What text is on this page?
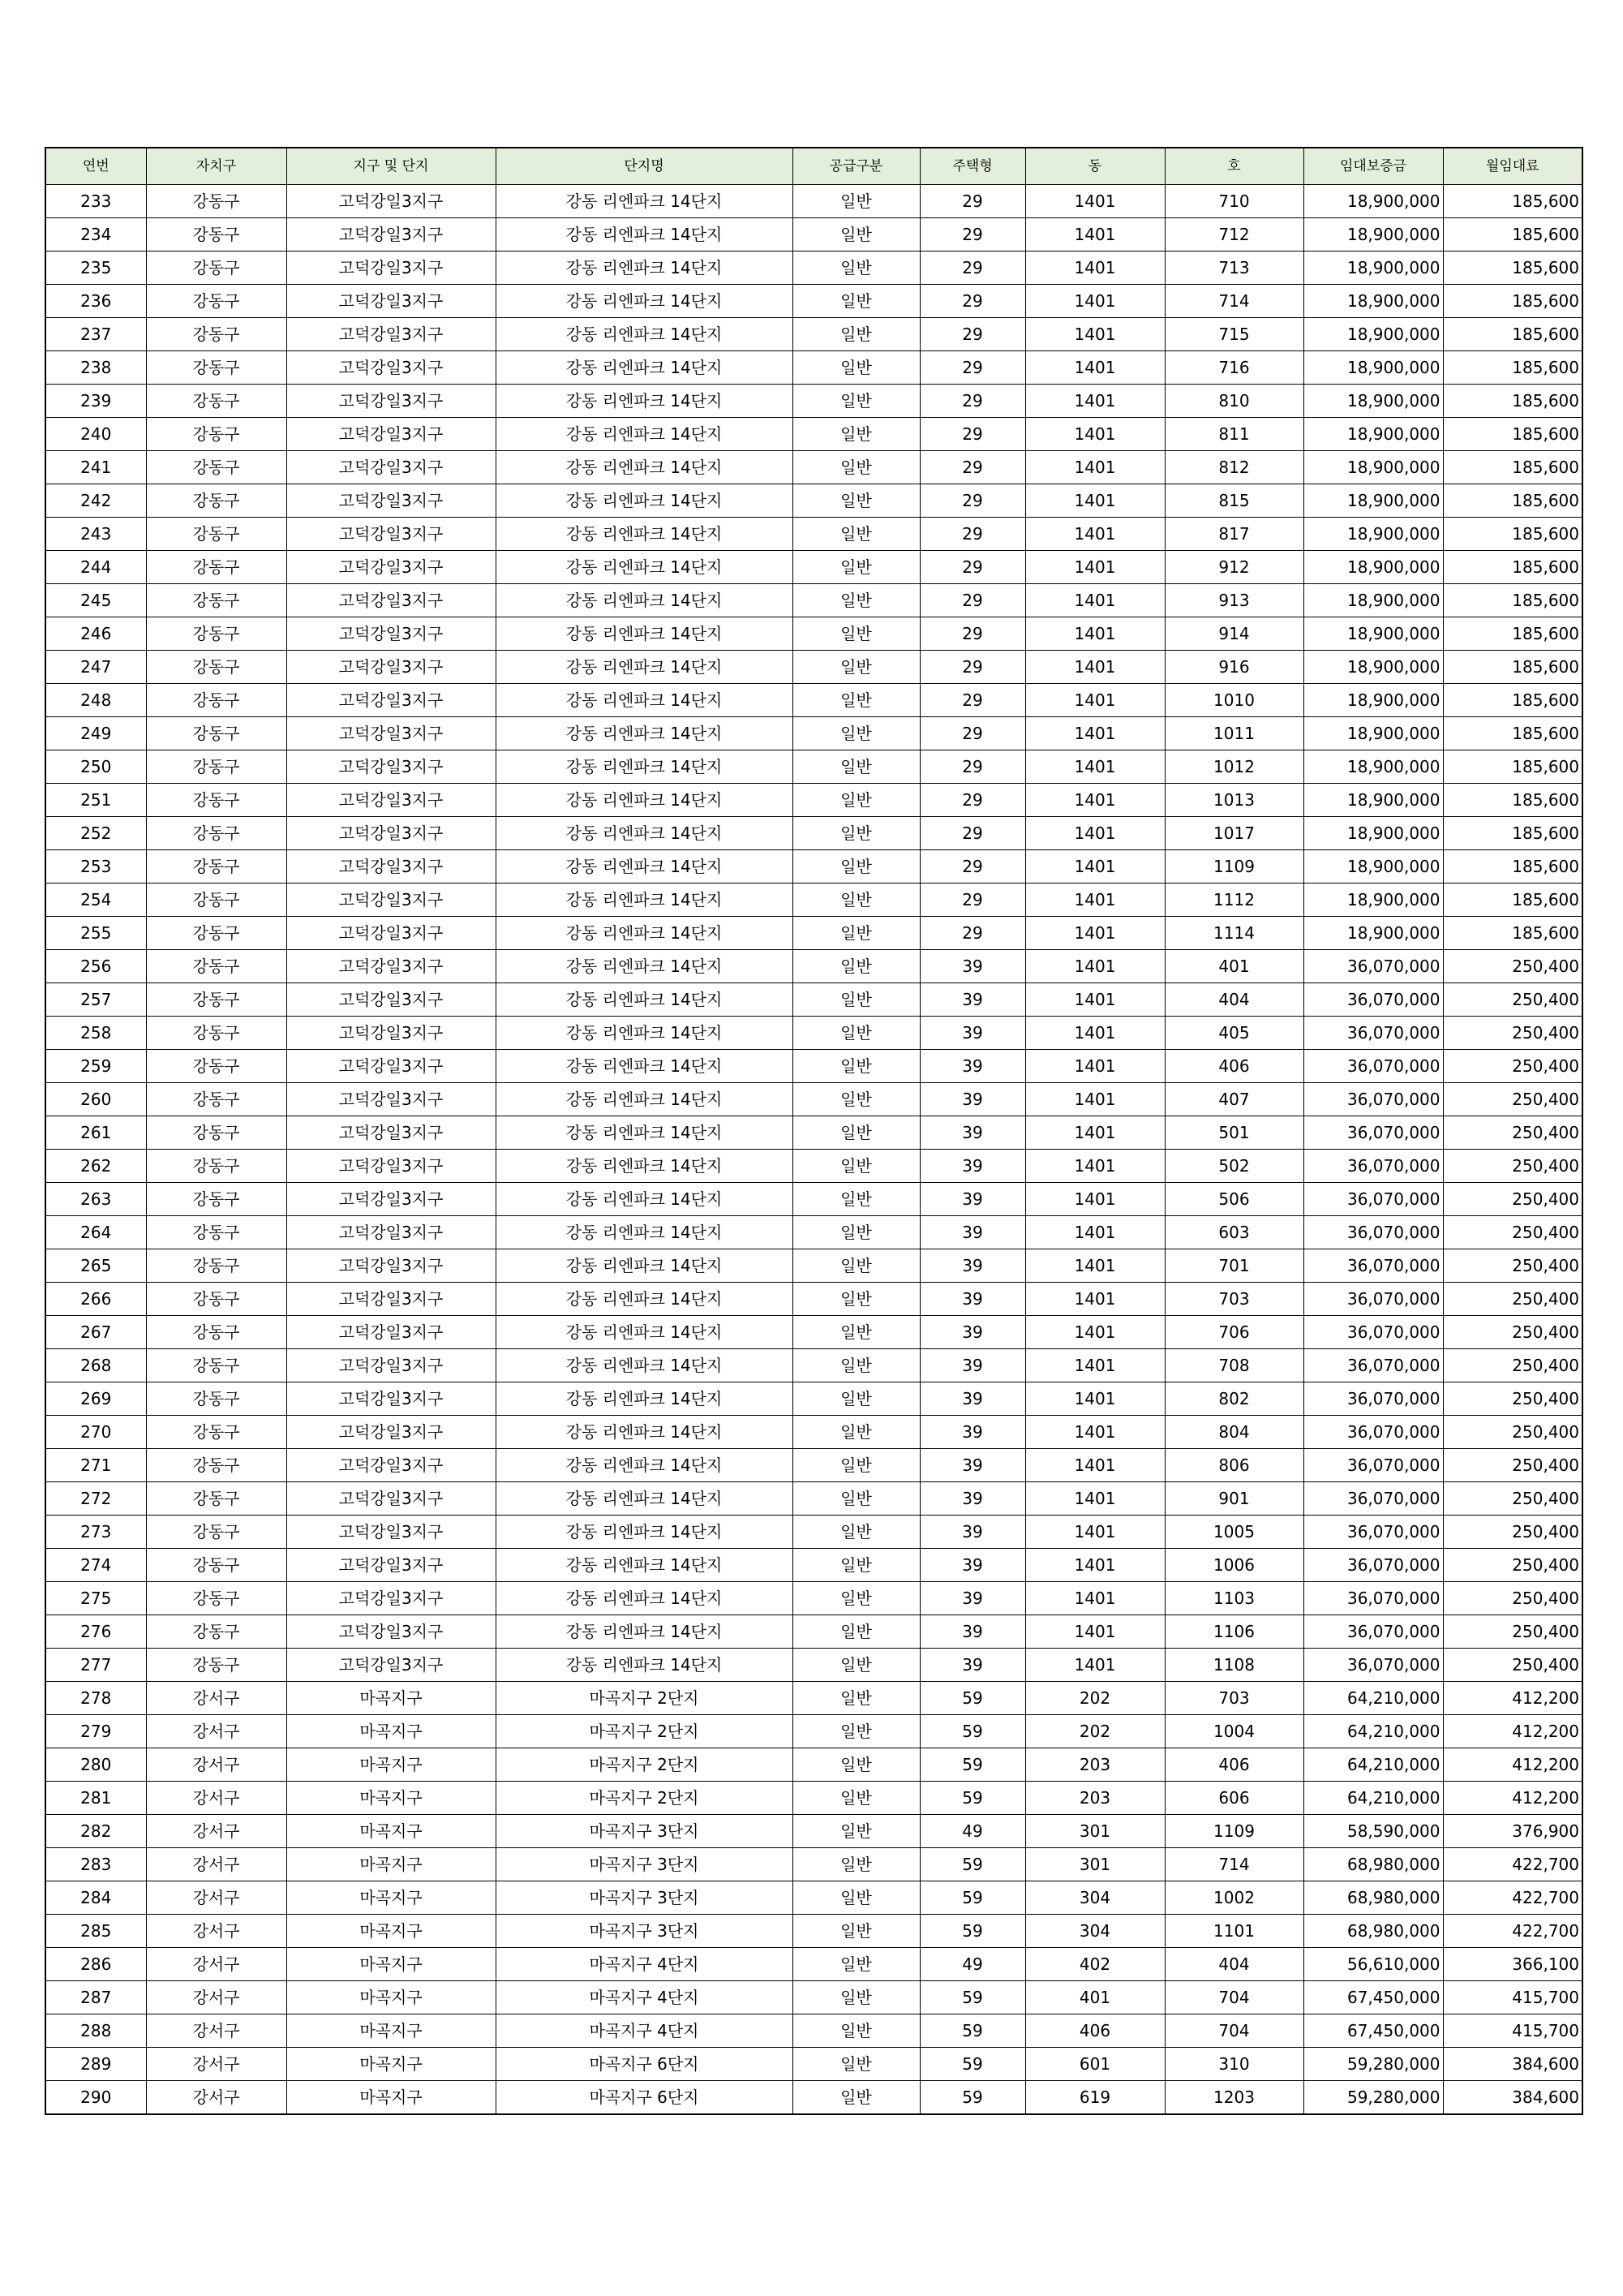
연번	자치구	지구 및 단지	단지명	공급구분	주택형	동	호	임대보증금	월임대료
233	강동구	고덕강일3지구	강동 리엔파크 14단지	일반	29	1401	710	18,900,000	185,600
234	강동구	고덕강일3지구	강동 리엔파크 14단지	일반	29	1401	712	18,900,000	185,600
235	강동구	고덕강일3지구	강동 리엔파크 14단지	일반	29	1401	713	18,900,000	185,600
236	강동구	고덕강일3지구	강동 리엔파크 14단지	일반	29	1401	714	18,900,000	185,600
237	강동구	고덕강일3지구	강동 리엔파크 14단지	일반	29	1401	715	18,900,000	185,600
238	강동구	고덕강일3지구	강동 리엔파크 14단지	일반	29	1401	716	18,900,000	185,600
239	강동구	고덕강일3지구	강동 리엔파크 14단지	일반	29	1401	810	18,900,000	185,600
240	강동구	고덕강일3지구	강동 리엔파크 14단지	일반	29	1401	811	18,900,000	185,600
241	강동구	고덕강일3지구	강동 리엔파크 14단지	일반	29	1401	812	18,900,000	185,600
242	강동구	고덕강일3지구	강동 리엔파크 14단지	일반	29	1401	815	18,900,000	185,600
243	강동구	고덕강일3지구	강동 리엔파크 14단지	일반	29	1401	817	18,900,000	185,600
244	강동구	고덕강일3지구	강동 리엔파크 14단지	일반	29	1401	912	18,900,000	185,600
245	강동구	고덕강일3지구	강동 리엔파크 14단지	일반	29	1401	913	18,900,000	185,600
246	강동구	고덕강일3지구	강동 리엔파크 14단지	일반	29	1401	914	18,900,000	185,600
247	강동구	고덕강일3지구	강동 리엔파크 14단지	일반	29	1401	916	18,900,000	185,600
248	강동구	고덕강일3지구	강동 리엔파크 14단지	일반	29	1401	1010	18,900,000	185,600
249	강동구	고덕강일3지구	강동 리엔파크 14단지	일반	29	1401	1011	18,900,000	185,600
250	강동구	고덕강일3지구	강동 리엔파크 14단지	일반	29	1401	1012	18,900,000	185,600
251	강동구	고덕강일3지구	강동 리엔파크 14단지	일반	29	1401	1013	18,900,000	185,600
252	강동구	고덕강일3지구	강동 리엔파크 14단지	일반	29	1401	1017	18,900,000	185,600
253	강동구	고덕강일3지구	강동 리엔파크 14단지	일반	29	1401	1109	18,900,000	185,600
254	강동구	고덕강일3지구	강동 리엔파크 14단지	일반	29	1401	1112	18,900,000	185,600
255	강동구	고덕강일3지구	강동 리엔파크 14단지	일반	29	1401	1114	18,900,000	185,600
256	강동구	고덕강일3지구	강동 리엔파크 14단지	일반	39	1401	401	36,070,000	250,400
257	강동구	고덕강일3지구	강동 리엔파크 14단지	일반	39	1401	404	36,070,000	250,400
258	강동구	고덕강일3지구	강동 리엔파크 14단지	일반	39	1401	405	36,070,000	250,400
259	강동구	고덕강일3지구	강동 리엔파크 14단지	일반	39	1401	406	36,070,000	250,400
260	강동구	고덕강일3지구	강동 리엔파크 14단지	일반	39	1401	407	36,070,000	250,400
261	강동구	고덕강일3지구	강동 리엔파크 14단지	일반	39	1401	501	36,070,000	250,400
262	강동구	고덕강일3지구	강동 리엔파크 14단지	일반	39	1401	502	36,070,000	250,400
263	강동구	고덕강일3지구	강동 리엔파크 14단지	일반	39	1401	506	36,070,000	250,400
264	강동구	고덕강일3지구	강동 리엔파크 14단지	일반	39	1401	603	36,070,000	250,400
265	강동구	고덕강일3지구	강동 리엔파크 14단지	일반	39	1401	701	36,070,000	250,400
266	강동구	고덕강일3지구	강동 리엔파크 14단지	일반	39	1401	703	36,070,000	250,400
267	강동구	고덕강일3지구	강동 리엔파크 14단지	일반	39	1401	706	36,070,000	250,400
268	강동구	고덕강일3지구	강동 리엔파크 14단지	일반	39	1401	708	36,070,000	250,400
269	강동구	고덕강일3지구	강동 리엔파크 14단지	일반	39	1401	802	36,070,000	250,400
270	강동구	고덕강일3지구	강동 리엔파크 14단지	일반	39	1401	804	36,070,000	250,400
271	강동구	고덕강일3지구	강동 리엔파크 14단지	일반	39	1401	806	36,070,000	250,400
272	강동구	고덕강일3지구	강동 리엔파크 14단지	일반	39	1401	901	36,070,000	250,400
273	강동구	고덕강일3지구	강동 리엔파크 14단지	일반	39	1401	1005	36,070,000	250,400
274	강동구	고덕강일3지구	강동 리엔파크 14단지	일반	39	1401	1006	36,070,000	250,400
275	강동구	고덕강일3지구	강동 리엔파크 14단지	일반	39	1401	1103	36,070,000	250,400
276	강동구	고덕강일3지구	강동 리엔파크 14단지	일반	39	1401	1106	36,070,000	250,400
277	강동구	고덕강일3지구	강동 리엔파크 14단지	일반	39	1401	1108	36,070,000	250,400
278	강서구	마곡지구	마곡지구 2단지	일반	59	202	703	64,210,000	412,200
279	강서구	마곡지구	마곡지구 2단지	일반	59	202	1004	64,210,000	412,200
280	강서구	마곡지구	마곡지구 2단지	일반	59	203	406	64,210,000	412,200
281	강서구	마곡지구	마곡지구 2단지	일반	59	203	606	64,210,000	412,200
282	강서구	마곡지구	마곡지구 3단지	일반	49	301	1109	58,590,000	376,900
283	강서구	마곡지구	마곡지구 3단지	일반	59	301	714	68,980,000	422,700
284	강서구	마곡지구	마곡지구 3단지	일반	59	304	1002	68,980,000	422,700
285	강서구	마곡지구	마곡지구 3단지	일반	59	304	1101	68,980,000	422,700
286	강서구	마곡지구	마곡지구 4단지	일반	49	402	404	56,610,000	366,100
287	강서구	마곡지구	마곡지구 4단지	일반	59	401	704	67,450,000	415,700
288	강서구	마곡지구	마곡지구 4단지	일반	59	406	704	67,450,000	415,700
289	강서구	마곡지구	마곡지구 6단지	일반	59	601	310	59,280,000	384,600
290	강서구	마곡지구	마곡지구 6단지	일반	59	619	1203	59,280,000	384,600
